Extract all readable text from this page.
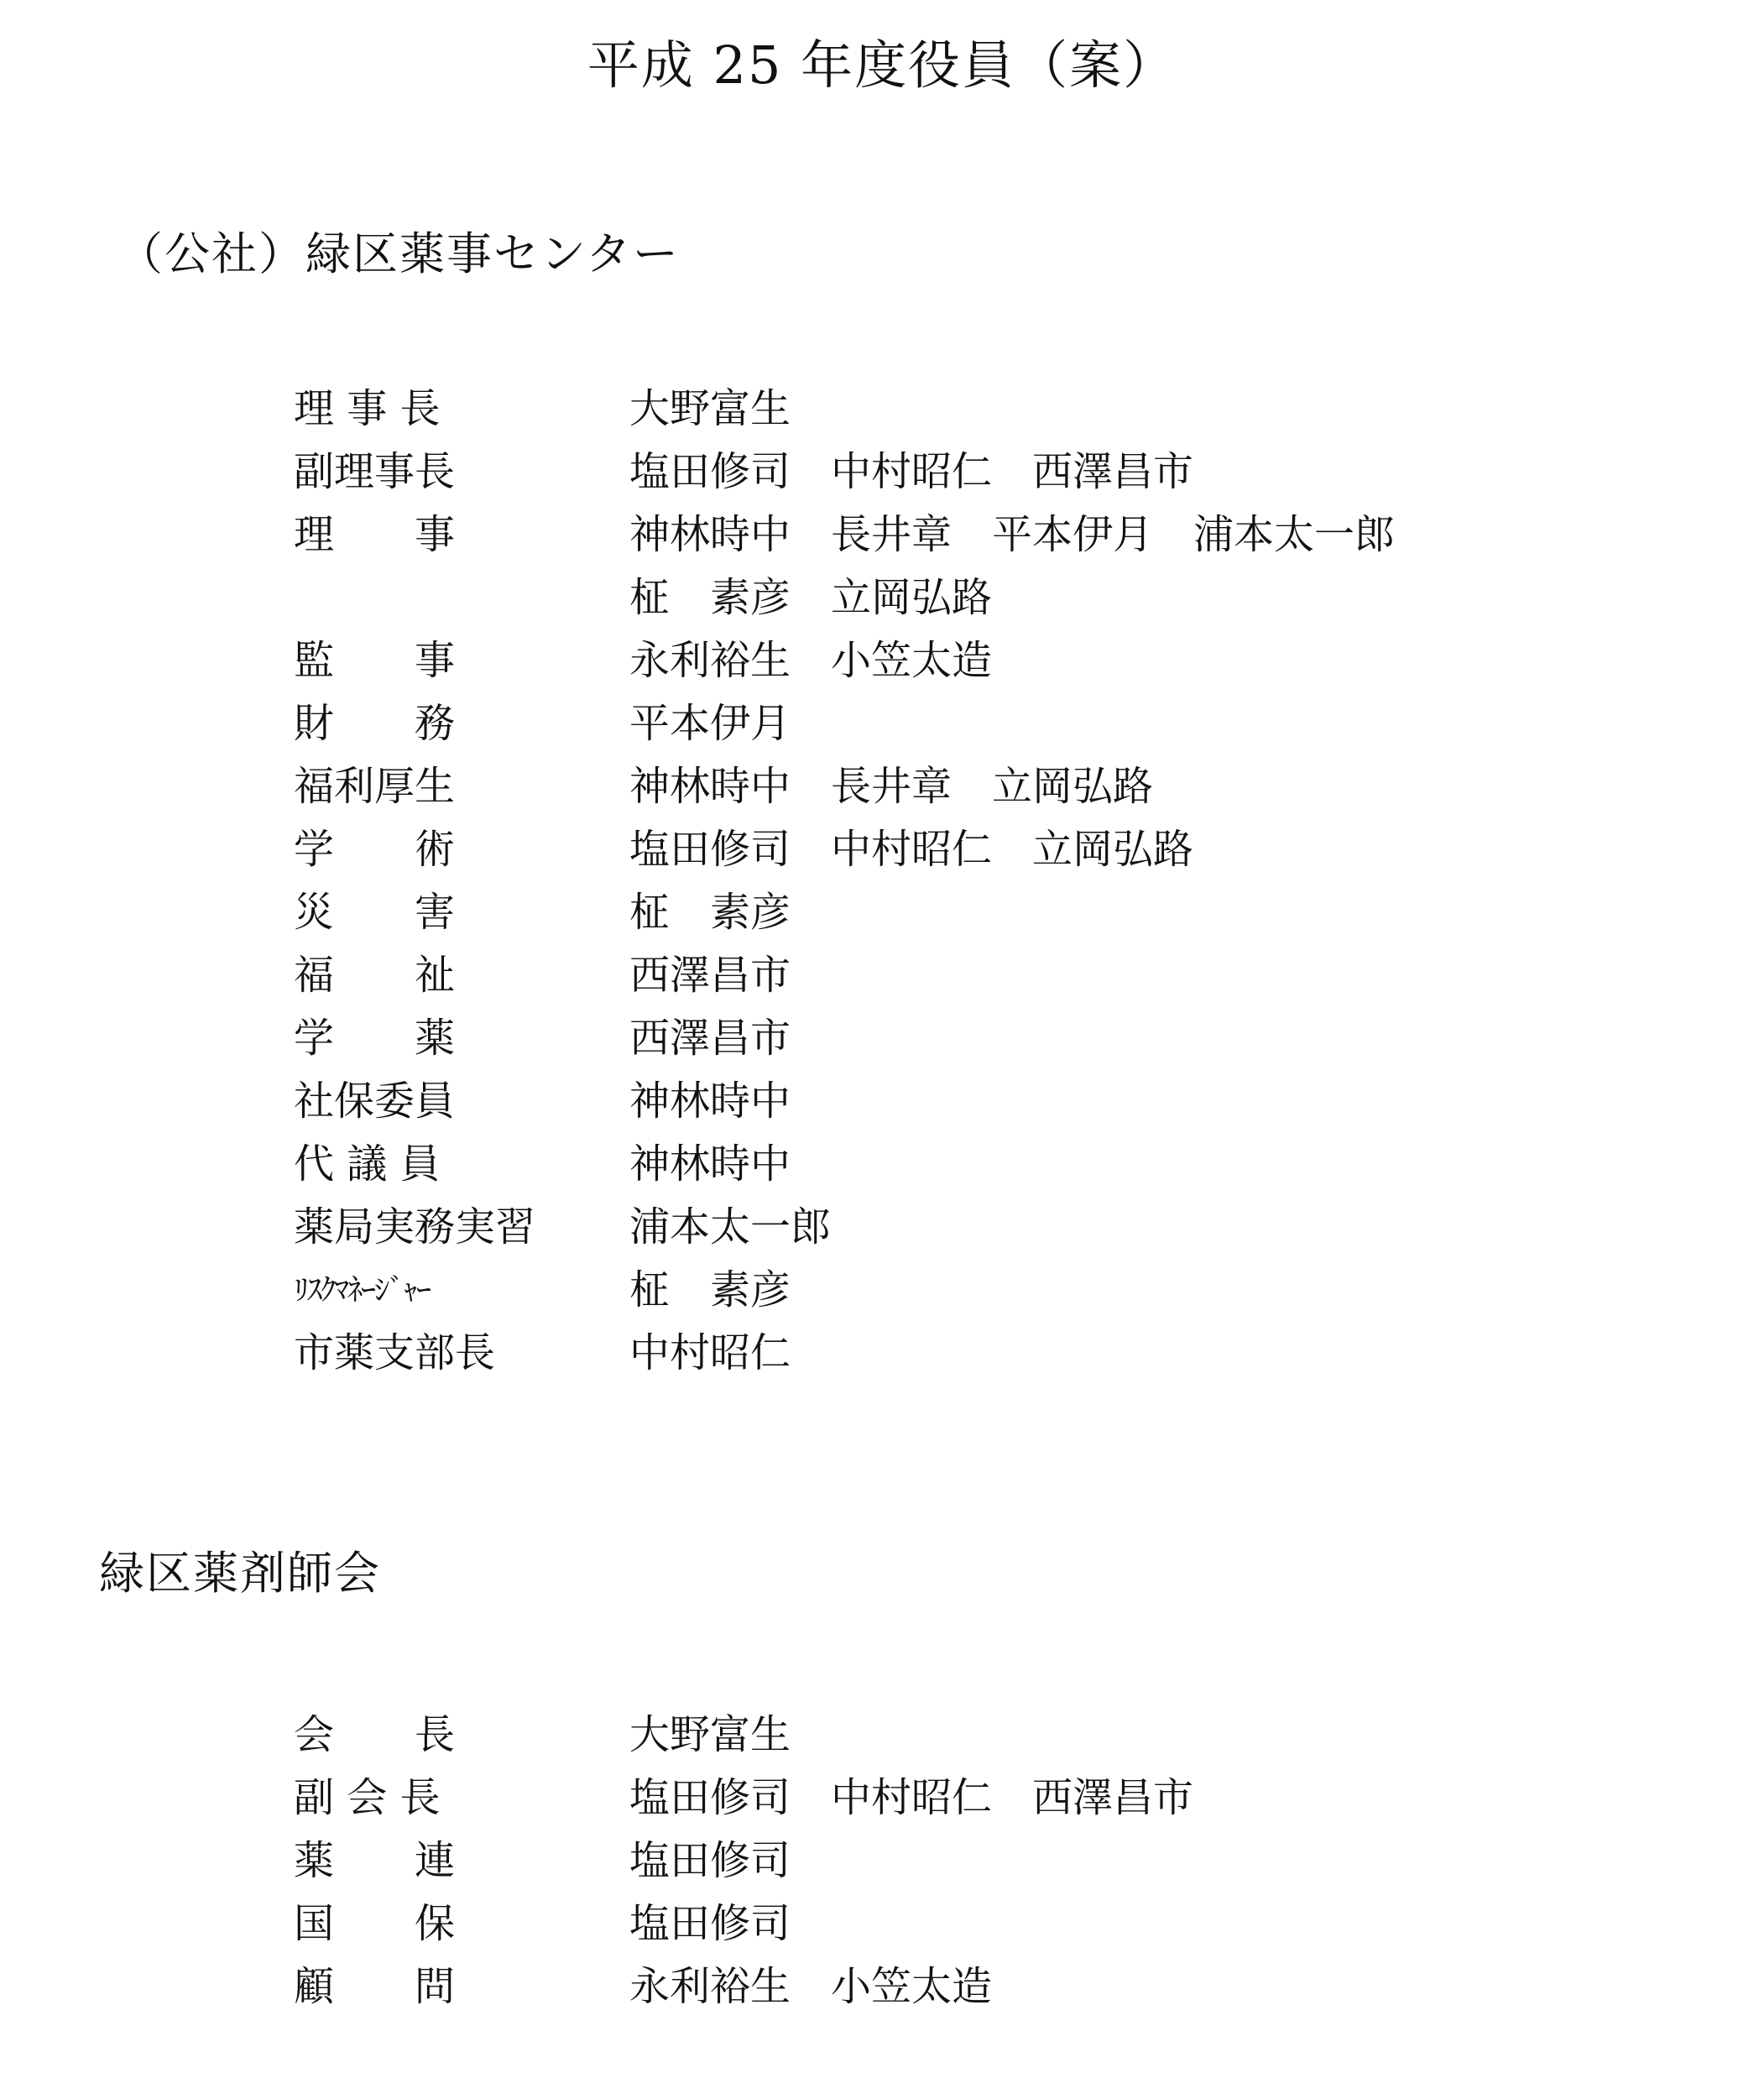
平成 25 年度役員（案）
（公社）緑区薬事センター
理 事 長	大野富生
副理事長	塩田修司　中村昭仁　西澤昌市
理　　事	神林時中　長井章　平本伊月　浦本太一郎
柾　素彦　立岡弘路
監　　事	永利裕生　小笠太造
財　　務	平本伊月
福利厚生	神林時中　長井章　立岡弘路
学　　術	塩田修司　中村昭仁　立岡弘路
災　　害	柾　素彦
福　　祉	西澤昌市
学　　薬	西澤昌市
社保委員	神林時中
代 議 員	神林時中
薬局実務実習	浦本太一郎
ﾘｽｸﾏﾈｰｼﾞｬｰ	柾　素彦
市薬支部長	中村昭仁
緑区薬剤師会
会　　長	大野富生
副 会 長	塩田修司　中村昭仁　西澤昌市
薬　　連	塩田修司
国　　保	塩田修司
顧　　問	永利裕生　小笠太造
